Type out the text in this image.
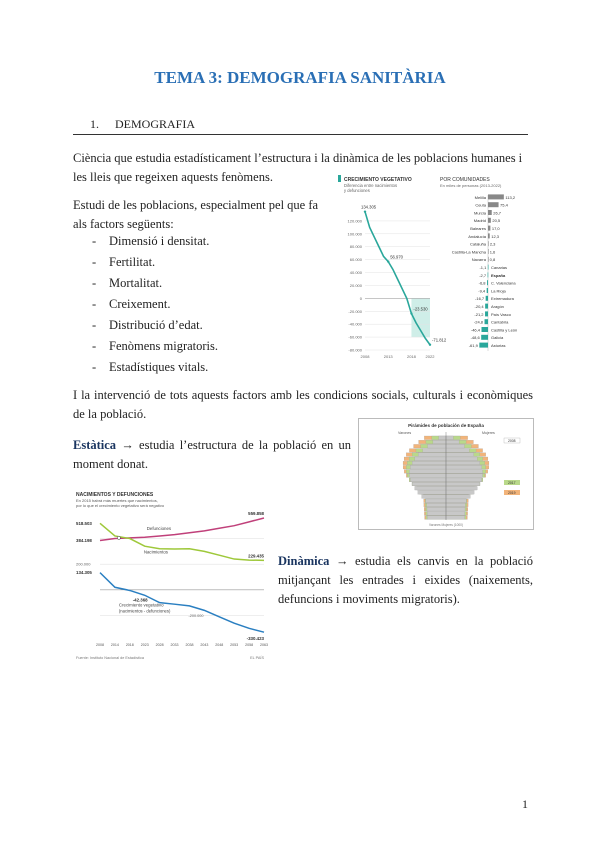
TEMA 3: DEMOGRAFIA SANITÀRIA
1. DEMOGRAFIA
Ciència que estudia estadísticament l’estructura i la dinàmica de les poblacions humanes i les lleis que regeixen aquests fenòmens.
Estudi de les poblacions, especialment pel que fa
als factors següents:
- Dimensió i densitat.
- Fertilitat.
- Mortalitat.
- Creixement.
- Distribució d’edat.
- Fenòmens migratoris.
- Estadístiques vitals.
I la intervenció de tots aquests factors amb les condicions socials, culturals i econòmiques de la població.
Estàtica → estudia l’estructura de la població en un moment donat.
Dinàmica → estudia els canvis en la població mitjançant les entrades i eixides (naixements, defuncions i moviments migratoris).
1
CRECIMIENTO VEGETATIVO
Diferencia entre nacimientos
y defunciones
120.000
100.000
80.000
60.000
40.000
20.000
0
-20.000
-40.000
-60.000
-80.000
2008	2013	2018 2022
134.305
56.970
-23.530
-71.812
POR COMUNIDADES
En miles de personas (2013-2022)
Melilla	113,2
Ceuta	75,4
Murcia 26,7
Madrid 20,5
Baleares 17,0
Andalucía 12,3
Cataluña 2,3
Castilla-La Mancha 1,6
Navarra 0,8
-1,1 Canarias
-2,7 España
-6,8 C. Valenciana
-9,4 La Rioja
-16,7 Extremadura
-20,4 Aragón
-21,2 País Vasco
-24,8 Cantabria
-46,4	Castilla y León
-48,6	Galicia
-61,9	Asturias
Pirámides de población de España
Varones	Mujeres
2008
2017
2019
Varones Mujeres (1000)
NACIMIENTOS Y DEFUNCIONES
En 2015 habrá más muertes que nacimientos,
por lo que el crecimiento vegetativo será negativo
518.503
384.198
559.858
229.435
134.305
-42.368
-330.423
200.000
-200.000
Defunciones
Nacimientos
Crecimiento vegetativo
(nacimientos - defunciones)
2008 2014 2018 2023 2028 2033 2038 2043 2048 2053 2058 2063
Fuente: Instituto Nacional de Estadística	EL PAÍS
